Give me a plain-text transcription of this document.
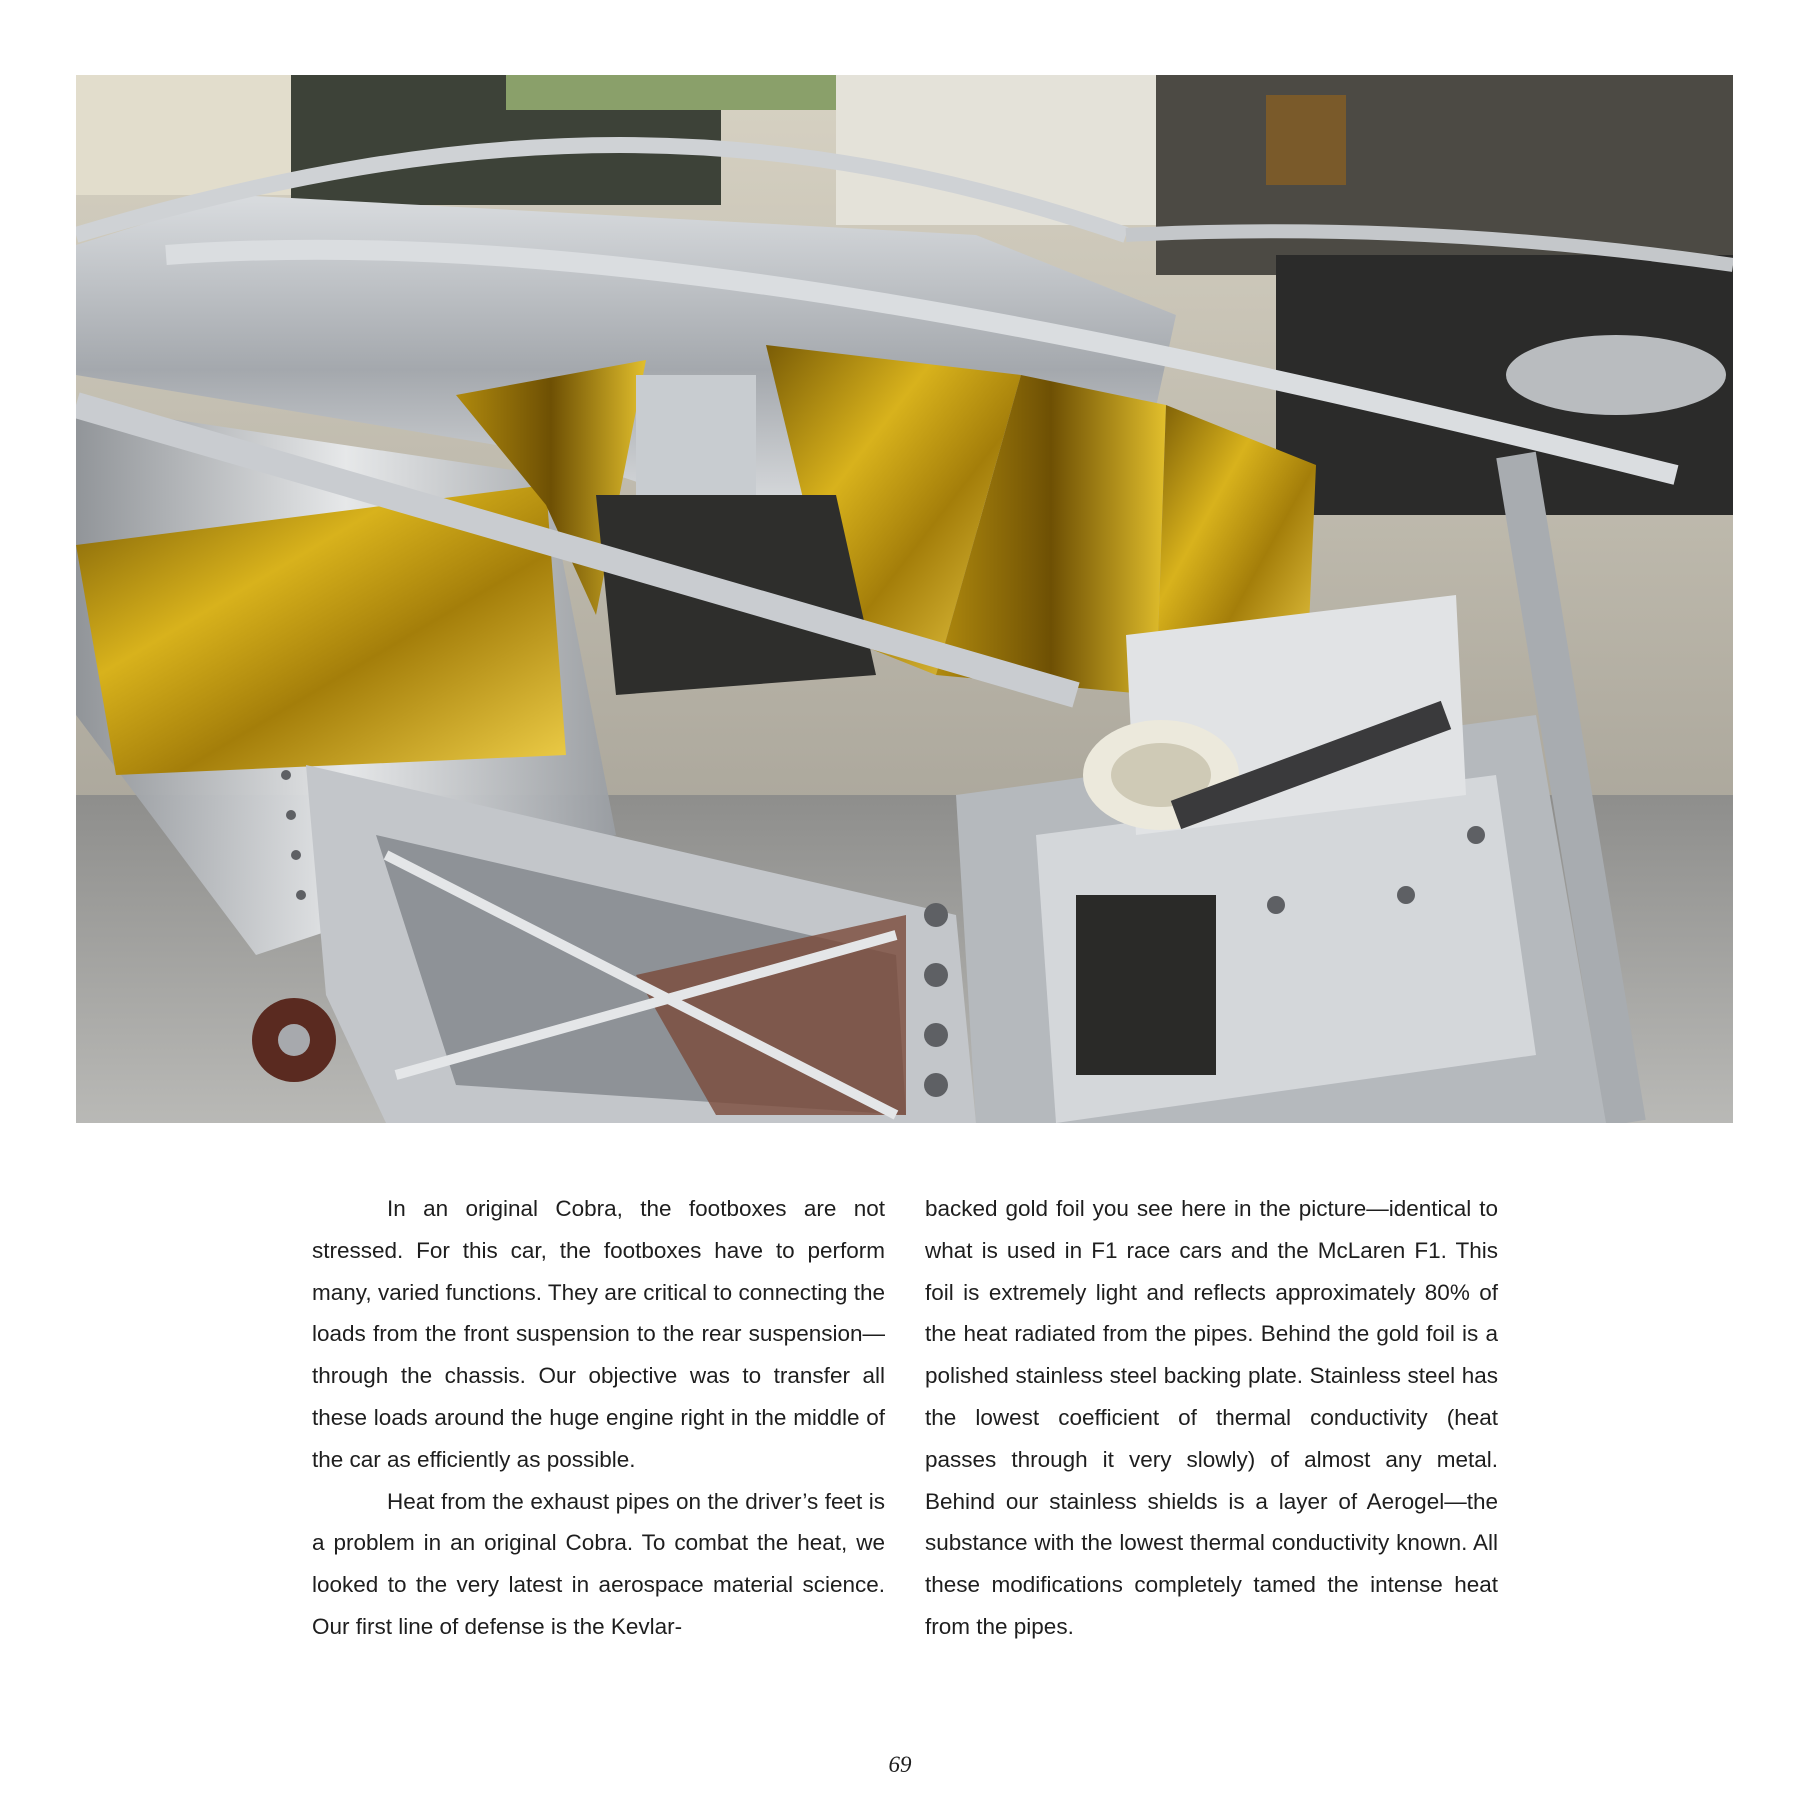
In an original Cobra, the footboxes are not stressed. For this car, the footboxes have to perform many, varied functions. They are critical to connecting the loads from the front suspension to the rear suspension—through the chassis. Our objective was to transfer all these loads around the huge engine right in the middle of the car as efficiently as possible.

Heat from the exhaust pipes on the driver’s feet is a problem in an original Cobra. To combat the heat, we looked to the very latest in aerospace material science. Our first line of defense is the Kevlar-

backed gold foil you see here in the picture—identical to what is used in F1 race cars and the McLaren F1. This foil is extremely light and reflects approximately 80% of the heat radiated from the pipes. Behind the gold foil is a polished stainless steel backing plate. Stainless steel has the lowest coefficient of thermal conductivity (heat passes through it very slowly) of almost any metal. Behind our stainless shields is a layer of Aerogel—the substance with the lowest thermal conductivity known. All these modifications completely tamed the intense heat from the pipes.

69
